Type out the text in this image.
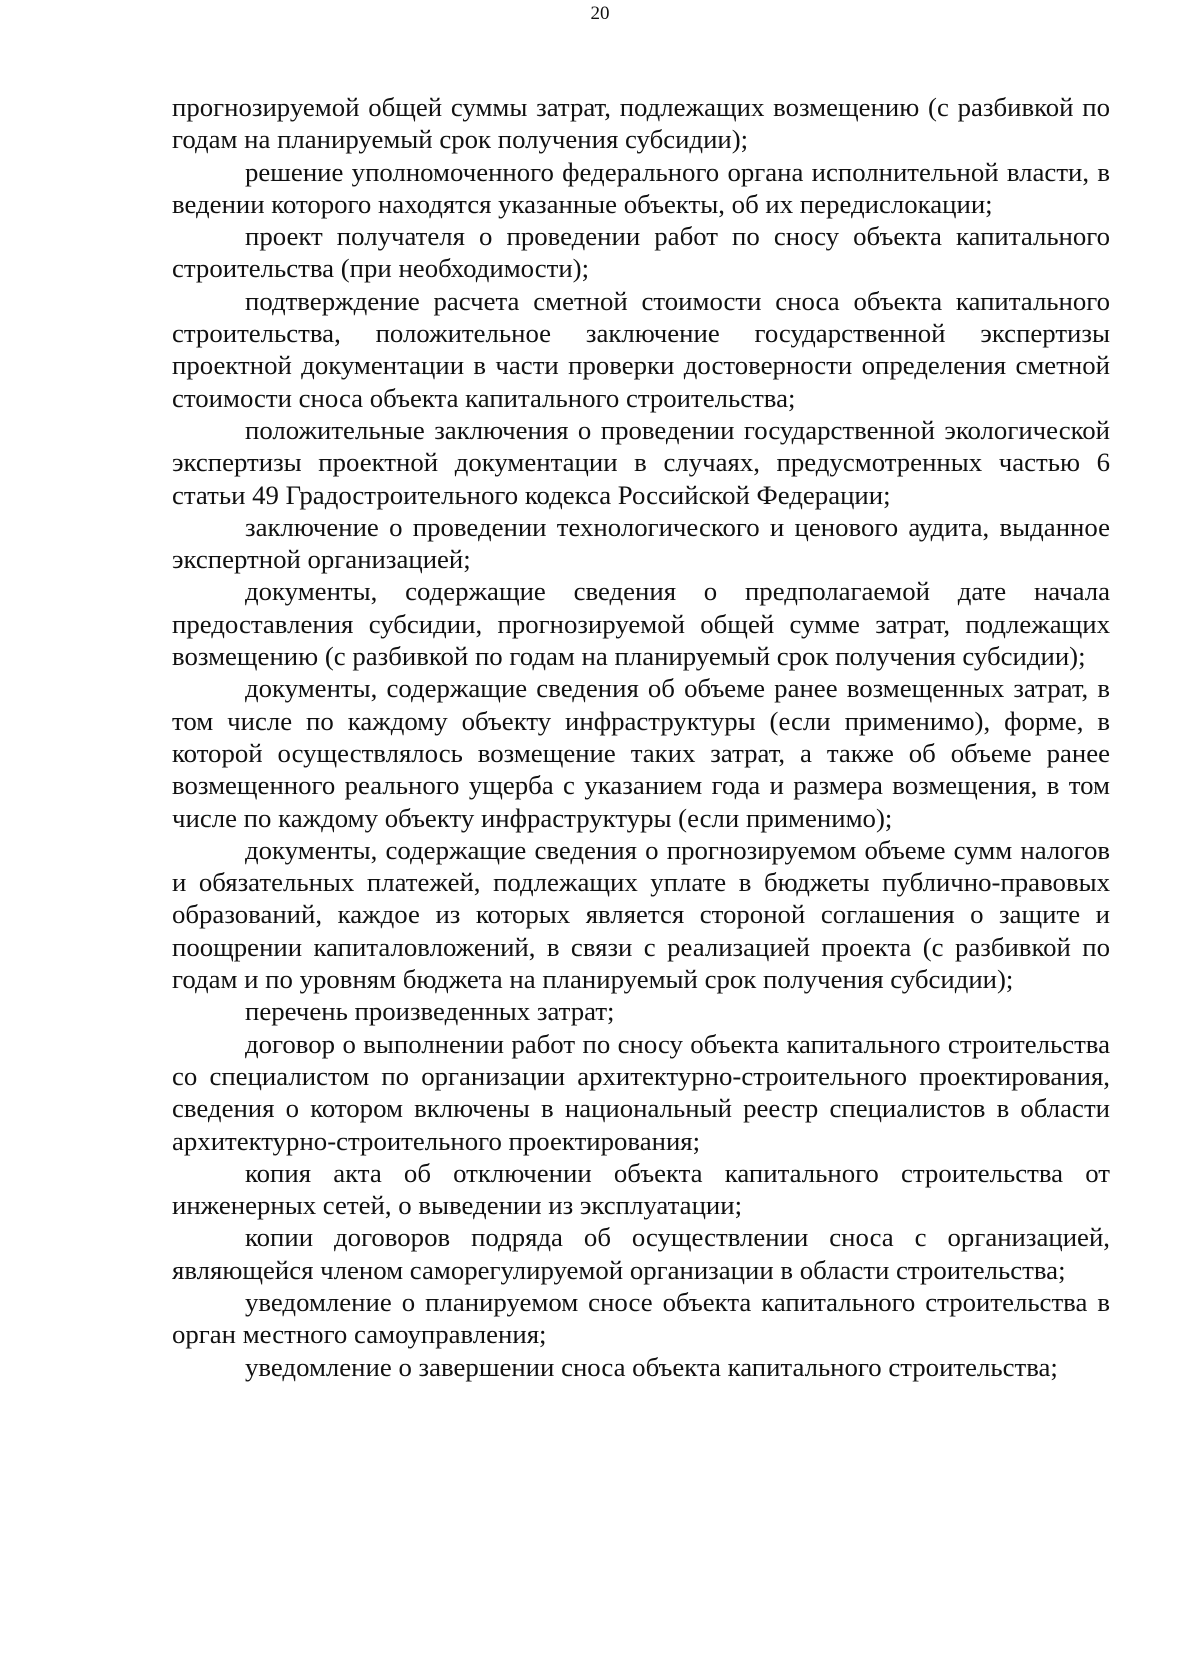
20

прогнозируемой общей суммы затрат, подлежащих возмещению (с разбивкой по годам на планируемый срок получения субсидии);

решение уполномоченного федерального органа исполнительной власти, в ведении которого находятся указанные объекты, об их передислокации;

проект получателя о проведении работ по сносу объекта капитального строительства (при необходимости);

подтверждение расчета сметной стоимости сноса объекта капитального строительства, положительное заключение государственной экспертизы проектной документации в части проверки достоверности определения сметной стоимости сноса объекта капитального строительства;

положительные заключения о проведении государственной экологической экспертизы проектной документации в случаях, предусмотренных частью 6 статьи 49 Градостроительного кодекса Российской Федерации;

заключение о проведении технологического и ценового аудита, выданное экспертной организацией;

документы, содержащие сведения о предполагаемой дате начала предоставления субсидии, прогнозируемой общей сумме затрат, подлежащих возмещению (с разбивкой по годам на планируемый срок получения субсидии);

документы, содержащие сведения об объеме ранее возмещенных затрат, в том числе по каждому объекту инфраструктуры (если применимо), форме, в которой осуществлялось возмещение таких затрат, а также об объеме ранее возмещенного реального ущерба с указанием года и размера возмещения, в том числе по каждому объекту инфраструктуры (если применимо);

документы, содержащие сведения о прогнозируемом объеме сумм налогов и обязательных платежей, подлежащих уплате в бюджеты публично-правовых образований, каждое из которых является стороной соглашения о защите и поощрении капиталовложений, в связи с реализацией проекта (с разбивкой по годам и по уровням бюджета на планируемый срок получения субсидии);

перечень произведенных затрат;

договор о выполнении работ по сносу объекта капитального строительства со специалистом по организации архитектурно-строительного проектирования, сведения о котором включены в национальный реестр специалистов в области архитектурно-строительного проектирования;

копия акта об отключении объекта капитального строительства от инженерных сетей, о выведении из эксплуатации;

копии договоров подряда об осуществлении сноса с организацией, являющейся членом саморегулируемой организации в области строительства;

уведомление о планируемом сносе объекта капитального строительства в орган местного самоуправления;

уведомление о завершении сноса объекта капитального строительства;
